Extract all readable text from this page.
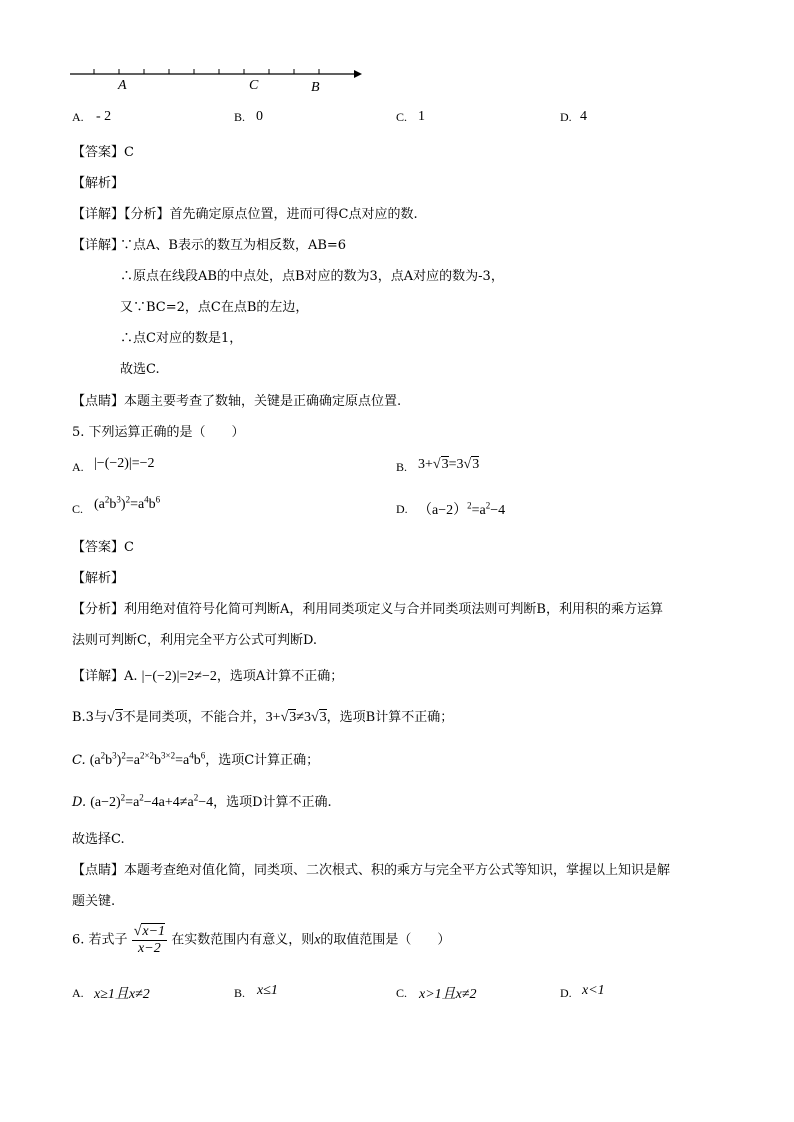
A	C	B
A. - 2	B. 0	C. 1	D. 4
【答案】C
【解析】
【详解】【分析】首先确定原点位置，进而可得C点对应的数.
【详解】
∵点A、B表示的数互为相反数，AB=6
∴原点在线段AB的中点处，点B对应的数为3，点A对应的数为-3，
又∵BC=2，点C在点B的左边，
∴点C对应的数是1，
故选C.
【点睛】本题主要考查了数轴，关键是正确确定原点位置.
5. 下列运算正确的是（　　）
A. |−(−2)|=−2	B. 3+√3=3√3
C. $(a^2b^3)^2=a^4b^6$
D. $(a-2)^2=a^2-4$
【答案】C
【解析】
【分析】利用绝对值符号化简可判断A，利用同类项定义与合并同类项法则可判断B，利用积的乘方运算
法则可判断C，利用完全平方公式可判断D.
【详解】A. |−(−2)|=2≠−2，选项A计算不正确；
B.3与√3不是同类项，不能合并，3+√3≠3√3，选项B计算不正确；
C. $(a^2b^3)^2=a^{2\times 2}b^{3\times 2}=a^4b^6$，选项C计算正确；
D. $(a-2)^2=a^2-4a+4\ne a^2-4$，选项D计算不正确.
故选择C.
【点睛】本题考查绝对值化简，同类项、二次根式、积的乘方与完全平方公式等知识，掌握以上知识是解
题关键.
6. 若式子 $\frac{√x-1}{x-2}$ 在实数范围内有意义，则x的取值范围是（　　）
A. x≥1且x≠2	B. x≤1	C. x>1且x≠2	D. x<1
